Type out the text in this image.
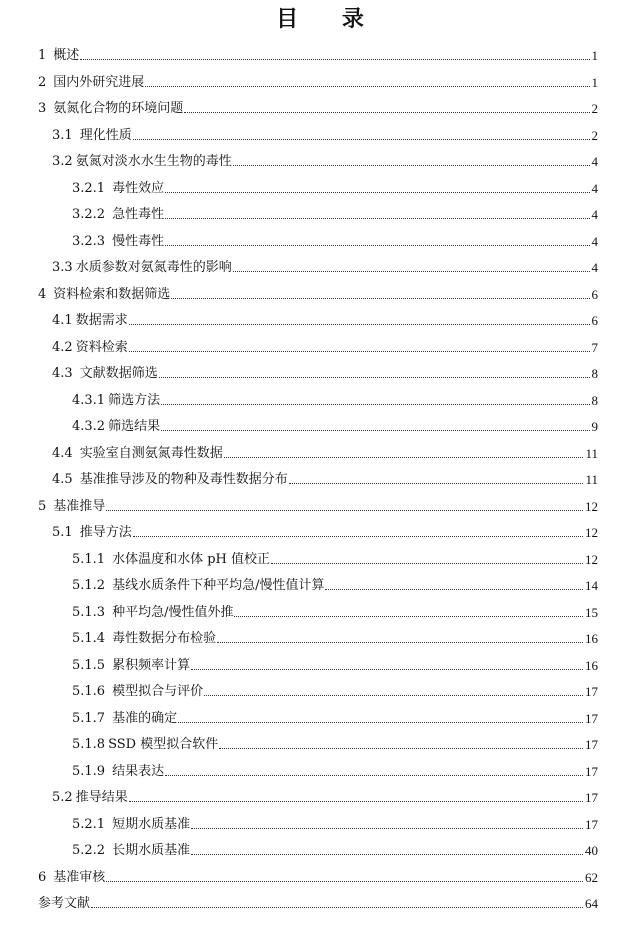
目 录
1 概述	1
2 国内外研究进展	1
3 氨氮化合物的环境问题	2
3.1 理化性质	2
3.2 氨氮对淡水水生生物的毒性	4
3.2.1 毒性效应	4
3.2.2 急性毒性	4
3.2.3 慢性毒性	4
3.3 水质参数对氨氮毒性的影响	4
4 资料检索和数据筛选	6
4.1 数据需求	6
4.2 资料检索	7
4.3 文献数据筛选	8
4.3.1 筛选方法	8
4.3.2 筛选结果	9
4.4 实验室自测氨氮毒性数据	11
4.5 基准推导涉及的物种及毒性数据分布	11
5 基准推导	12
5.1 推导方法	12
5.1.1 水体温度和水体 pH 值校正	12
5.1.2 基线水质条件下种平均急/慢性值计算	14
5.1.3 种平均急/慢性值外推	15
5.1.4 毒性数据分布检验	16
5.1.5 累积频率计算	16
5.1.6 模型拟合与评价	17
5.1.7 基准的确定	17
5.1.8 SSD 模型拟合软件	17
5.1.9 结果表达	17
5.2 推导结果	17
5.2.1 短期水质基准	17
5.2.2 长期水质基准	40
6 基准审核	62
参考文献	64
